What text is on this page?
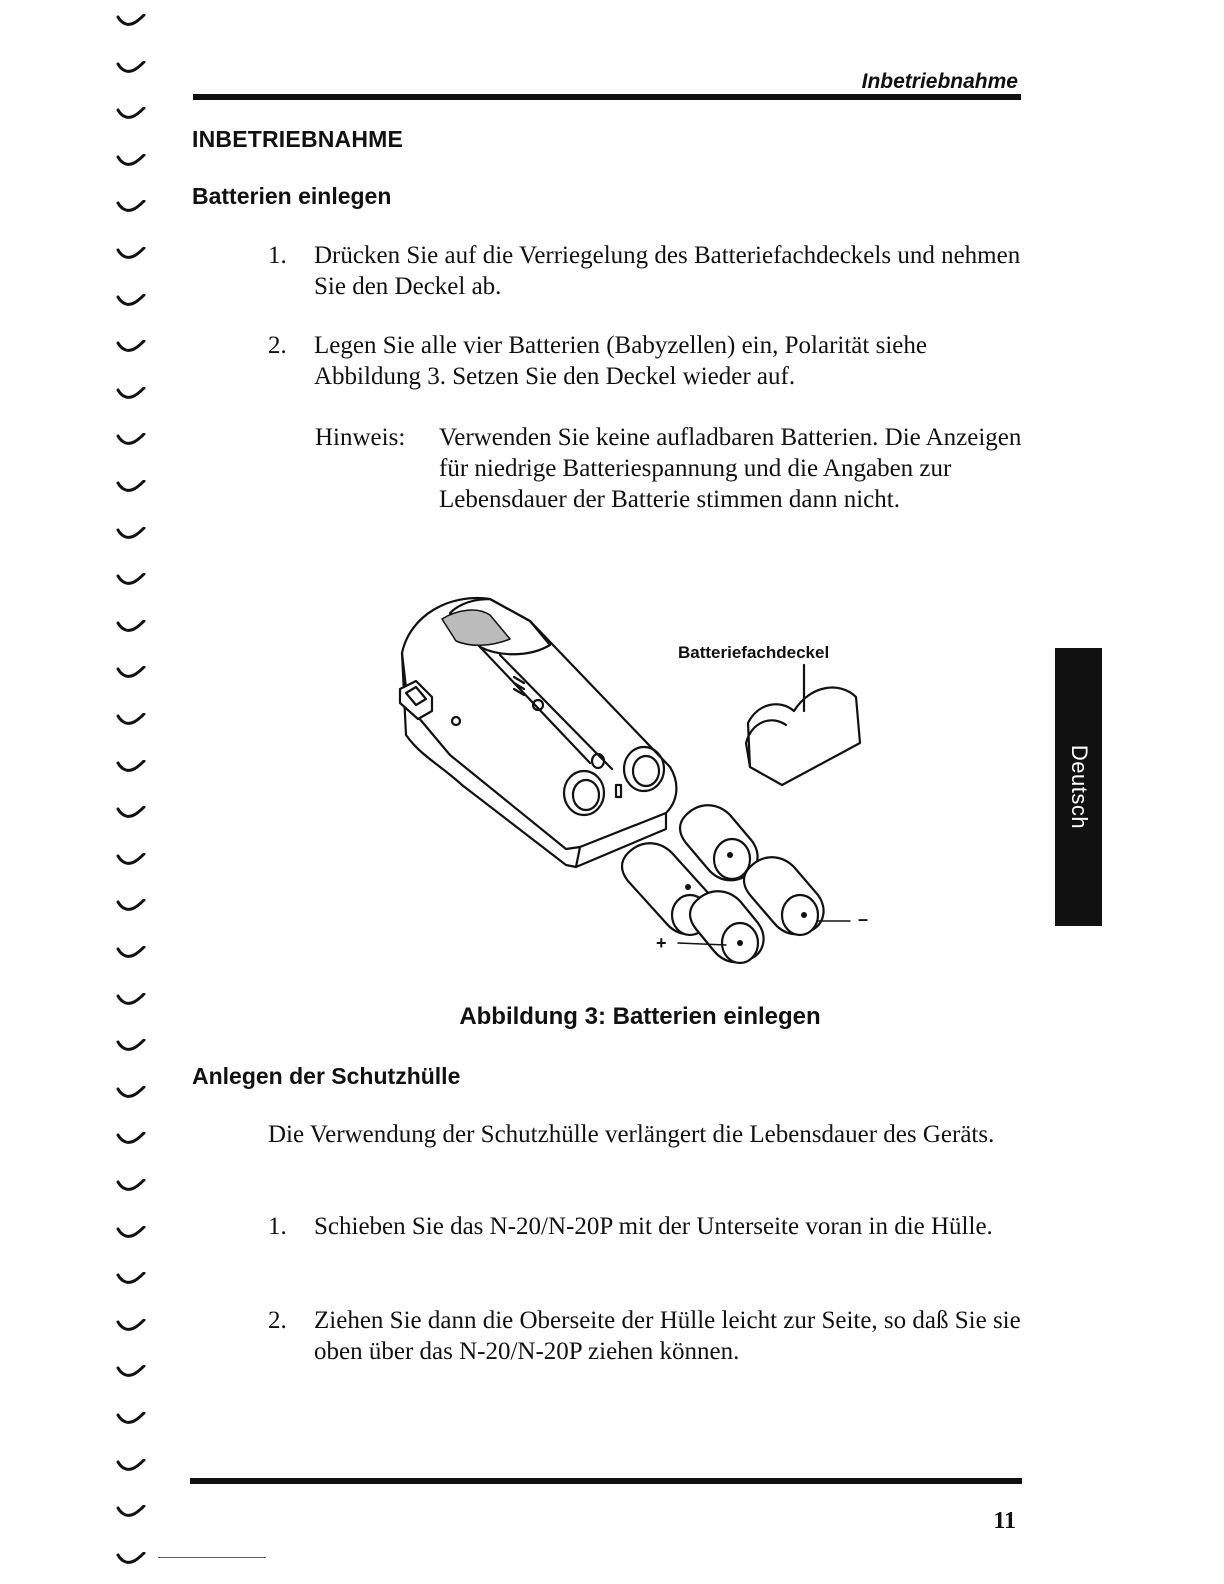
Inbetriebnahme
INBETRIEBNAHME
Batterien einlegen
1. Drücken Sie auf die Verriegelung des Batteriefachdeckels und nehmen Sie den Deckel ab.
2. Legen Sie alle vier Batterien (Babyzellen) ein, Polarität siehe Abbildung 3. Setzen Sie den Deckel wieder auf.
Hinweis: Verwenden Sie keine aufladbaren Batterien. Die Anzeigen für niedrige Batteriespannung und die Angaben zur Lebensdauer der Batterie stimmen dann nicht.
Batteriefachdeckel
+
–
Abbildung 3: Batterien einlegen
Anlegen der Schutzhülle
Die Verwendung der Schutzhülle verlängert die Lebensdauer des Geräts.
1. Schieben Sie das N-20/N-20P mit der Unterseite voran in die Hülle.
2. Ziehen Sie dann die Oberseite der Hülle leicht zur Seite, so daß Sie sie oben über das N-20/N-20P ziehen können.
Deutsch
11
